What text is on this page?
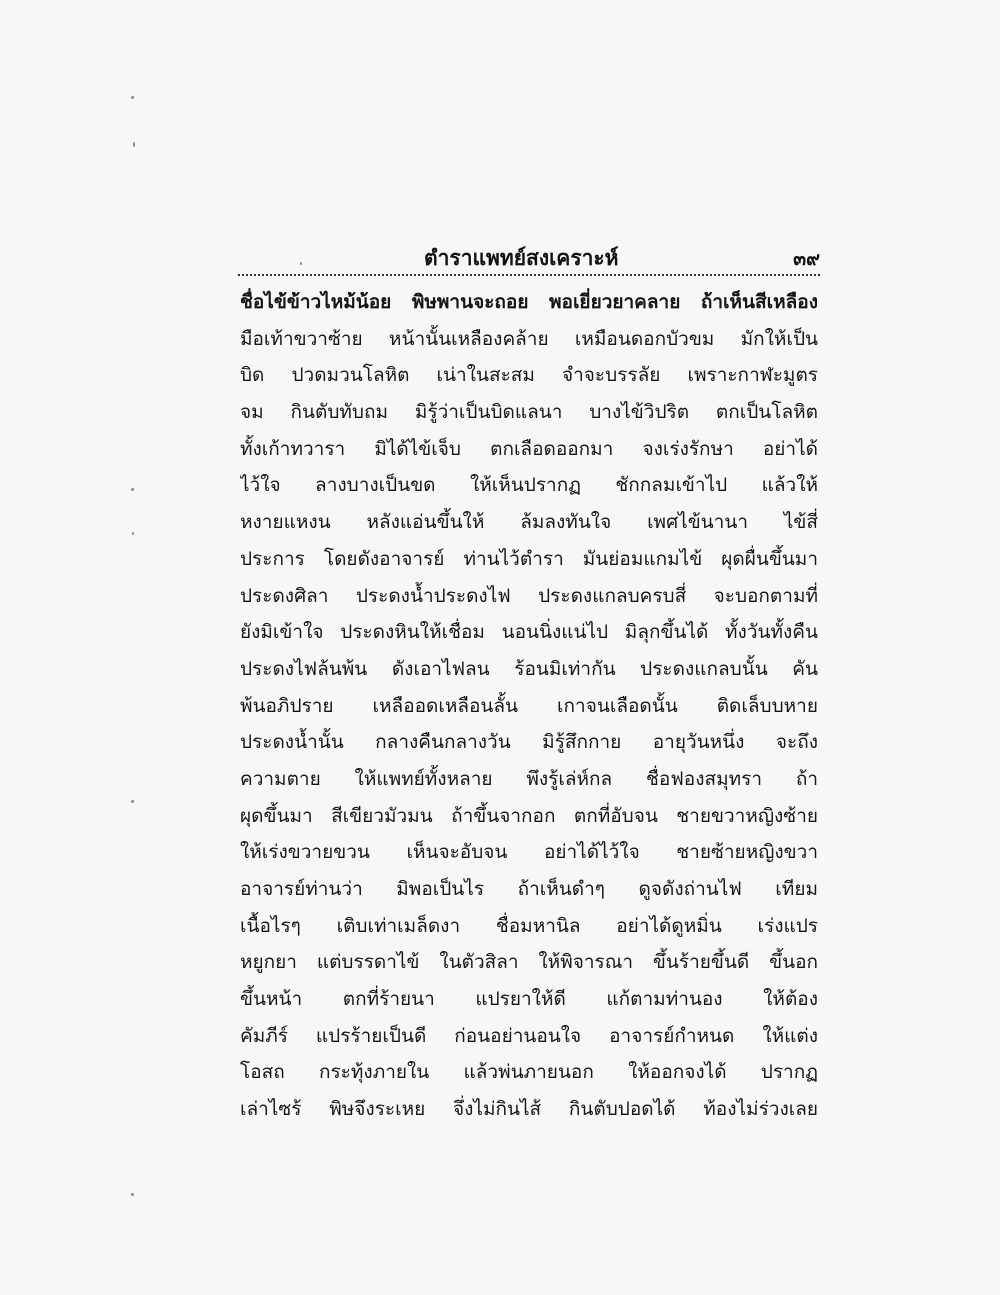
ตำราแพทย์สงเคราะห์	๓๙
ชื่อไข้ข้าวไหม้น้อย พิษพานจะถอย พอเยี่ยวยาคลาย ถ้าเห็นสีเหลือง
มือเท้าขวาซ้าย หน้านั้นเหลืองคล้าย เหมือนดอกบัวขม มักให้เป็น
บิด ปวดมวนโลหิต เน่าในสะสม จำจะบรรลัย เพราะกาฬะมูตร
จม กินตับทับถม มิรู้ว่าเป็นบิดแลนา บางไข้วิปริต ตกเป็นโลหิต
ทั้งเก้าทวารา มิได้ไข้เจ็บ ตกเลือดออกมา จงเร่งรักษา อย่าได้
ไว้ใจ ลางบางเป็นขด ให้เห็นปรากฏ ชักกลมเข้าไป แล้วให้
หงายแหงน หลังแอ่นขึ้นให้ ล้มลงทันใจ เพศไข้นานา ไข้สี่
ประการ โดยดังอาจารย์ ท่านไว้ตำรา มันย่อมแกมไข้ ผุดผื่นขึ้นมา
ประดงศิลา ประดงน้ำประดงไฟ ประดงแกลบครบสี่ จะบอกตามที่
ยังมิเข้าใจ ประดงหินให้เชื่อม นอนนิ่งแน่ไป มิลุกขึ้นได้ ทั้งวันทั้งคืน
ประดงไฟล้นพ้น ดังเอาไฟลน ร้อนมิเท่ากัน ประดงแกลบนั้น คัน
พ้นอภิปราย เหลืออดเหลือนลั้น เกาจนเลือดนั้น ติดเล็บบหาย
ประดงน้ำนั้น กลางคืนกลางวัน มิรู้สึกกาย อายุวันหนึ่ง จะถึง
ความตาย ให้แพทย์ทั้งหลาย พึงรู้เล่ห์กล ชื่อฟองสมุทรา ถ้า
ผุดขึ้นมา สีเขียวมัวมน ถ้าขึ้นจากอก ตกที่อับจน ชายขวาหญิงซ้าย
ให้เร่งขวายขวน เห็นจะอับจน อย่าได้ไว้ใจ ชายซ้ายหญิงขวา
อาจารย์ท่านว่า มิพอเป็นไร ถ้าเห็นดำๆ ดูจดังถ่านไฟ เทียม
เนื้อไรๆ เติบเท่าเมล็ดงา ชื่อมหานิล อย่าได้ดูหมิ่น เร่งแปร
หยูกยา แต่บรรดาไข้ ในตัวสิลา ให้พิจารณา ขึ้นร้ายขึ้นดี ขึ้นอก
ขึ้นหน้า ตกที่ร้ายนา แปรยาให้ดี แก้ตามท่านอง ให้ต้อง
คัมภีร์ แปรร้ายเป็นดี ก่อนอย่านอนใจ อาจารย์กำหนด ให้แต่ง
โอสถ กระทุ้งภายใน แล้วพ่นภายนอก ให้ออกจงได้ ปรากฏ
เล่าไซร้ พิษจึงระเหย จึ่งไม่กินไส้ กินตับปอดได้ ท้องไม่ร่วงเลย
